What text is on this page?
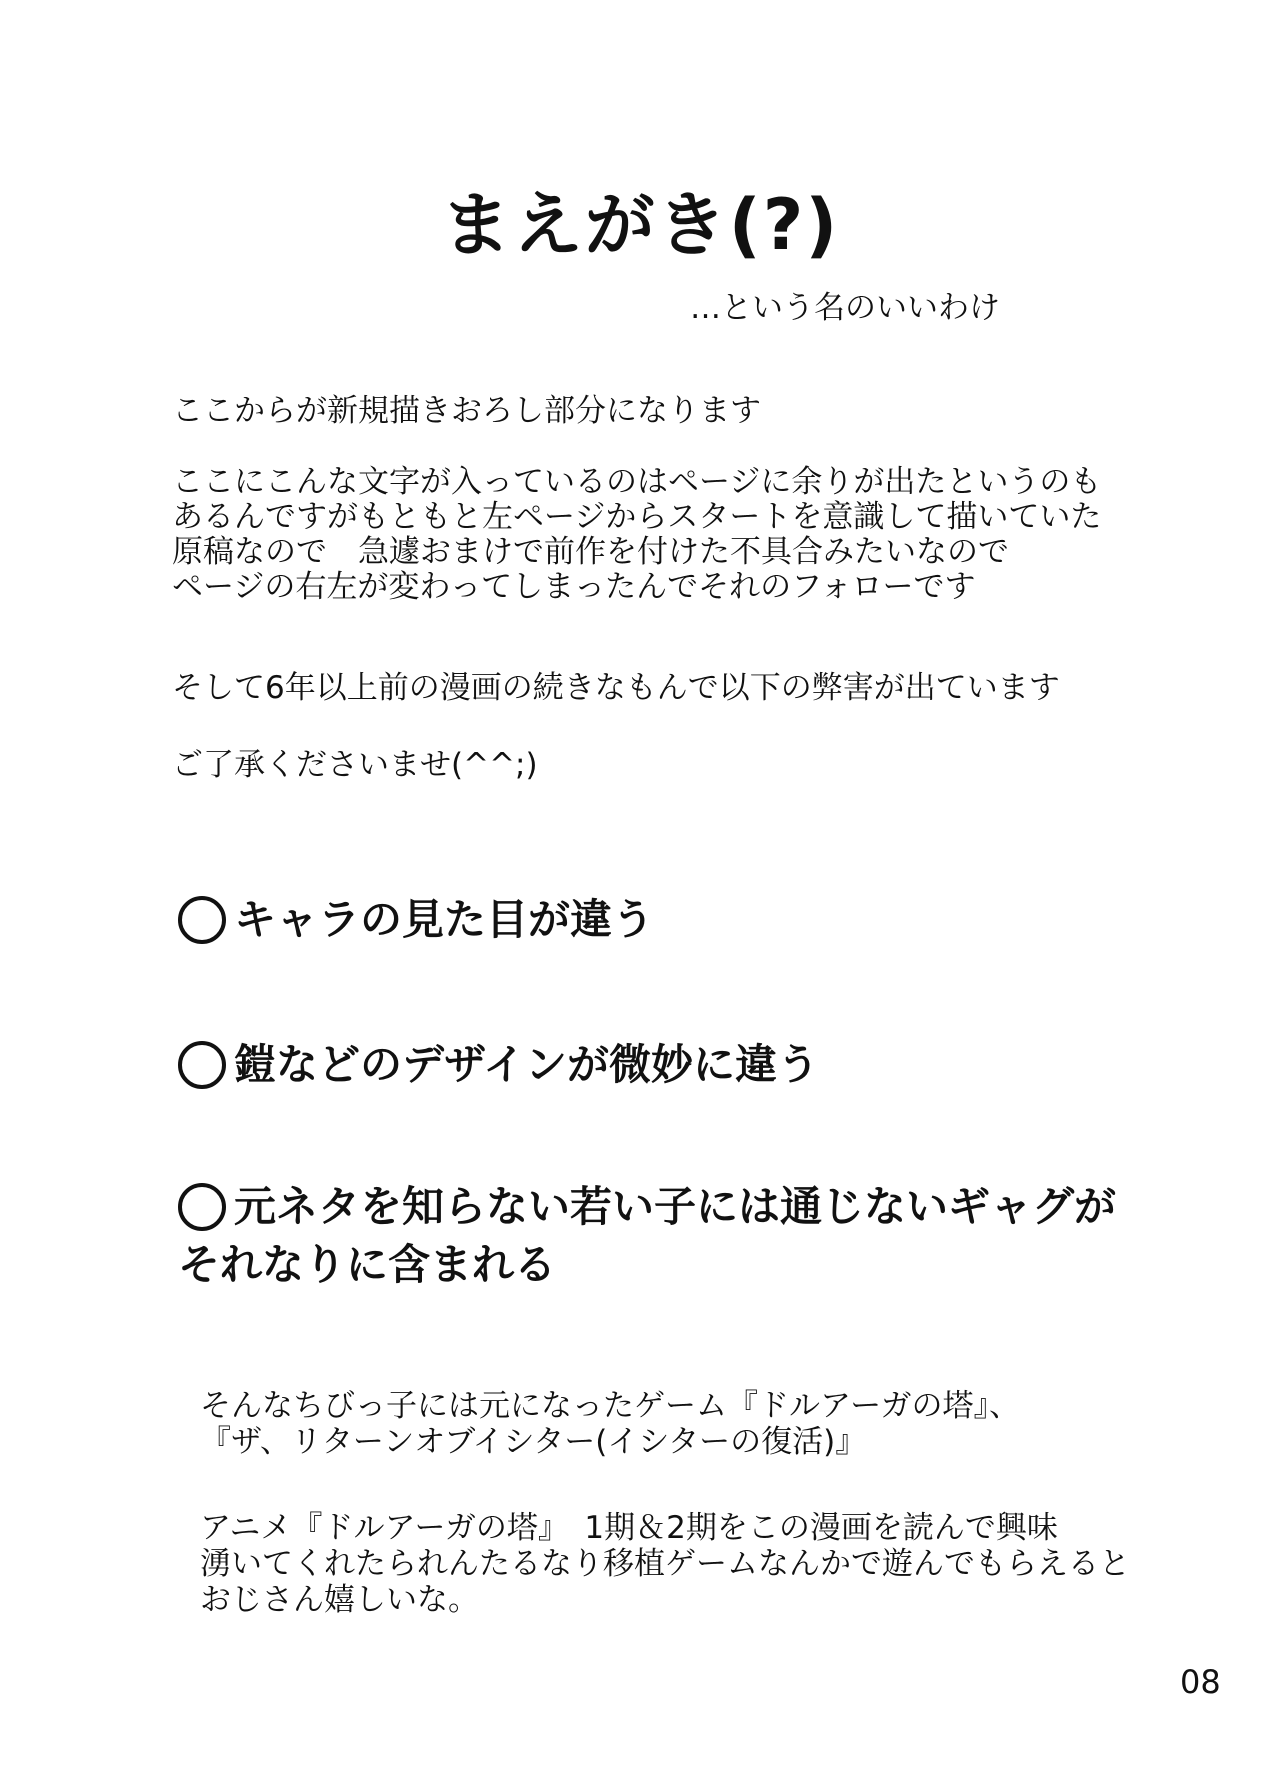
まえがき(?)
…という名のいいわけ
ここからが新規描きおろし部分になります
ここにこんな文字が入っているのはページに余りが出たというのも
あるんですがもともと左ページからスタートを意識して描いていた
原稿なので　急遽おまけで前作を付けた不具合みたいなので
ページの右左が変わってしまったんでそれのフォローです
そして6年以上前の漫画の続きなもんで以下の弊害が出ています
ご了承くださいませ(^^;)
キャラの見た目が違う
鎧などのデザインが微妙に違う
元ネタを知らない若い子には通じないギャグが
それなりに含まれる
そんなちびっ子には元になったゲーム『ドルアーガの塔』、
『ザ、リターンオブイシター(イシターの復活)』
アニメ『ドルアーガの塔』　1期＆2期をこの漫画を読んで興味
湧いてくれたられんたるなり移植ゲームなんかで遊んでもらえると
おじさん嬉しいな。
08
